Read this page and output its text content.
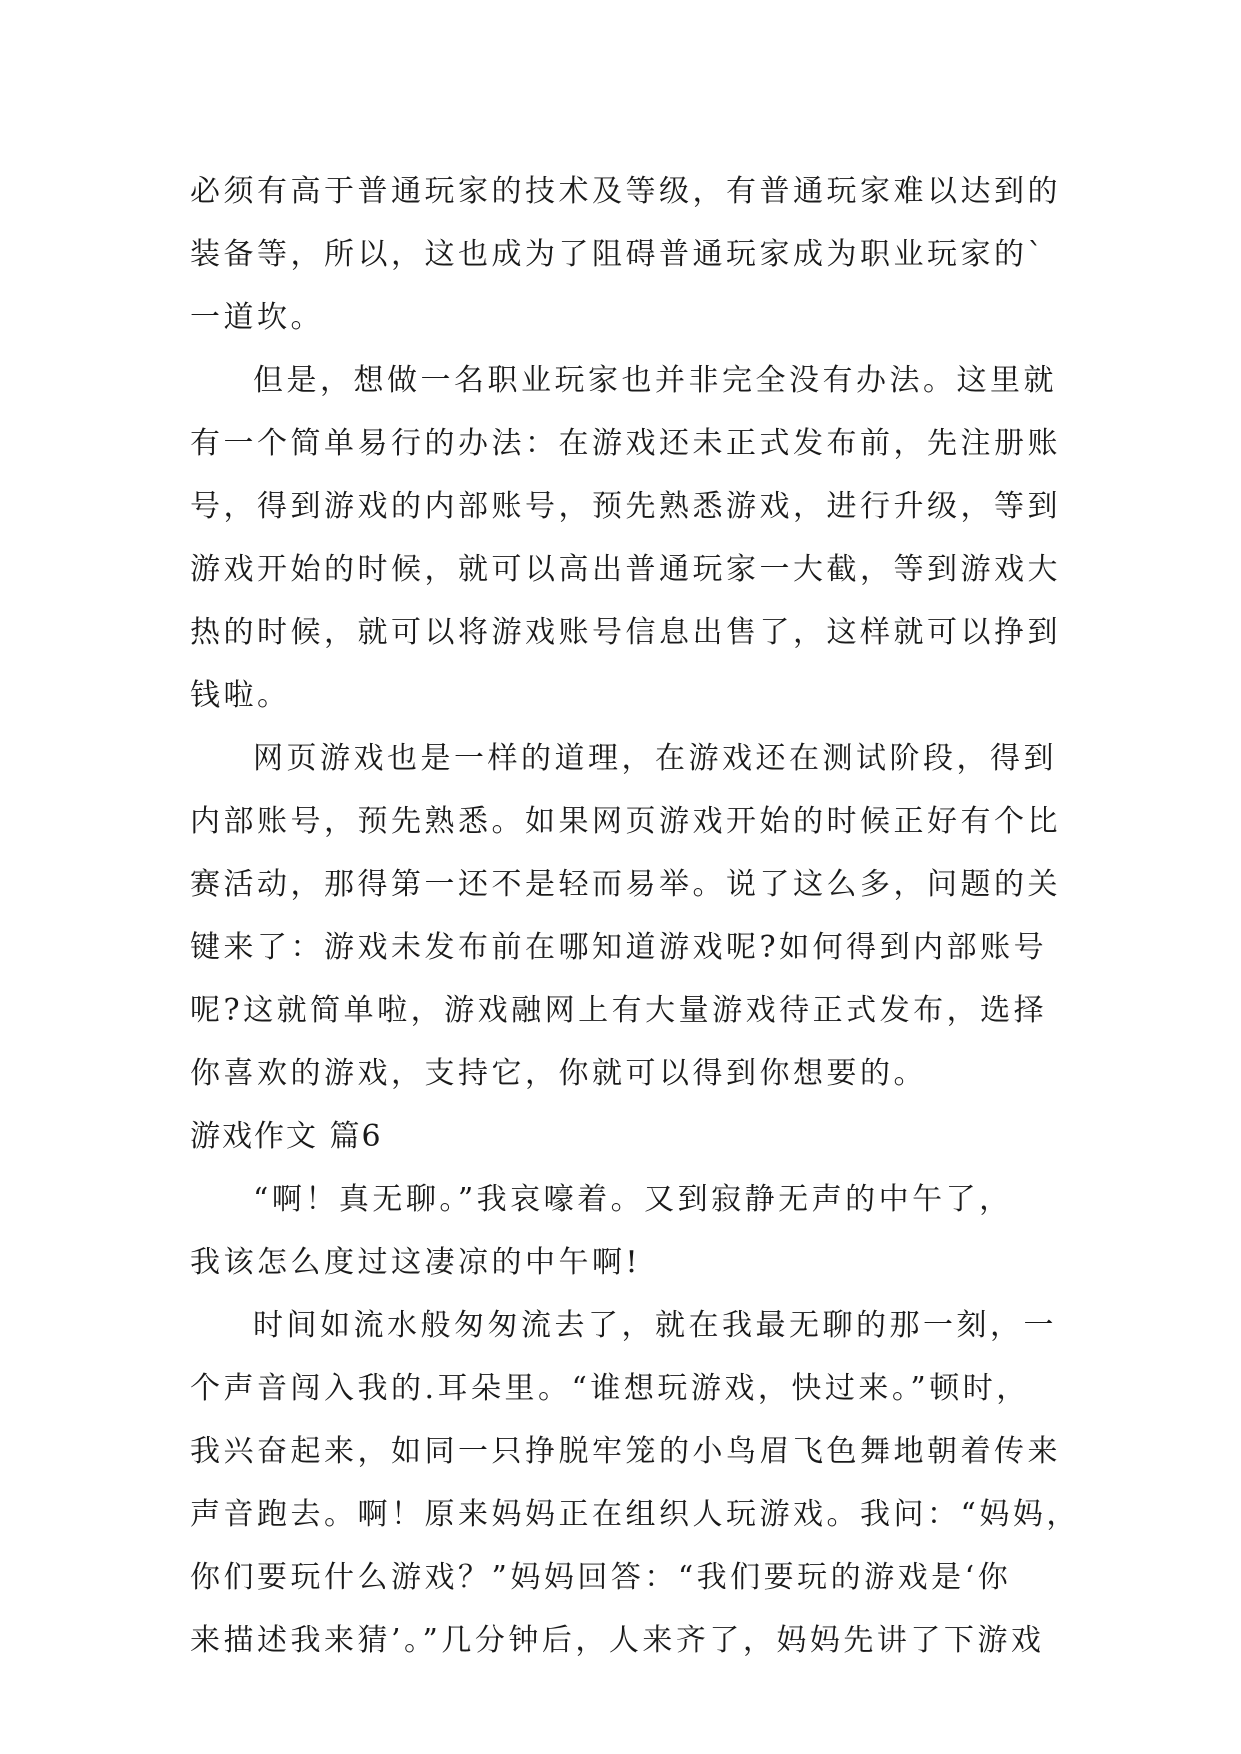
必须有高于普通玩家的技术及等级，有普通玩家难以达到的
装备等，所以，这也成为了阻碍普通玩家成为职业玩家的`
一道坎。
但是，想做一名职业玩家也并非完全没有办法。这里就
有一个简单易行的办法：在游戏还未正式发布前，先注册账
号，得到游戏的内部账号，预先熟悉游戏，进行升级，等到
游戏开始的时候，就可以高出普通玩家一大截，等到游戏大
热的时候，就可以将游戏账号信息出售了，这样就可以挣到
钱啦。
网页游戏也是一样的道理，在游戏还在测试阶段，得到
内部账号，预先熟悉。如果网页游戏开始的时候正好有个比
赛活动，那得第一还不是轻而易举。说了这么多，问题的关
键来了：游戏未发布前在哪知道游戏呢?如何得到内部账号
呢?这就简单啦，游戏融网上有大量游戏待正式发布，选择
你喜欢的游戏，支持它，你就可以得到你想要的。
游戏作文 篇6
“啊！真无聊。”我哀嚎着。又到寂静无声的中午了，
我该怎么度过这凄凉的中午啊!
时间如流水般匆匆流去了，就在我最无聊的那一刻，一
个声音闯入我的.耳朵里。“谁想玩游戏，快过来。”顿时，
我兴奋起来，如同一只挣脱牢笼的小鸟眉飞色舞地朝着传来
声音跑去。啊！原来妈妈正在组织人玩游戏。我问：“妈妈，
你们要玩什么游戏？”妈妈回答：“我们要玩的游戏是‘你
来描述我来猜’。”几分钟后，人来齐了，妈妈先讲了下游戏
